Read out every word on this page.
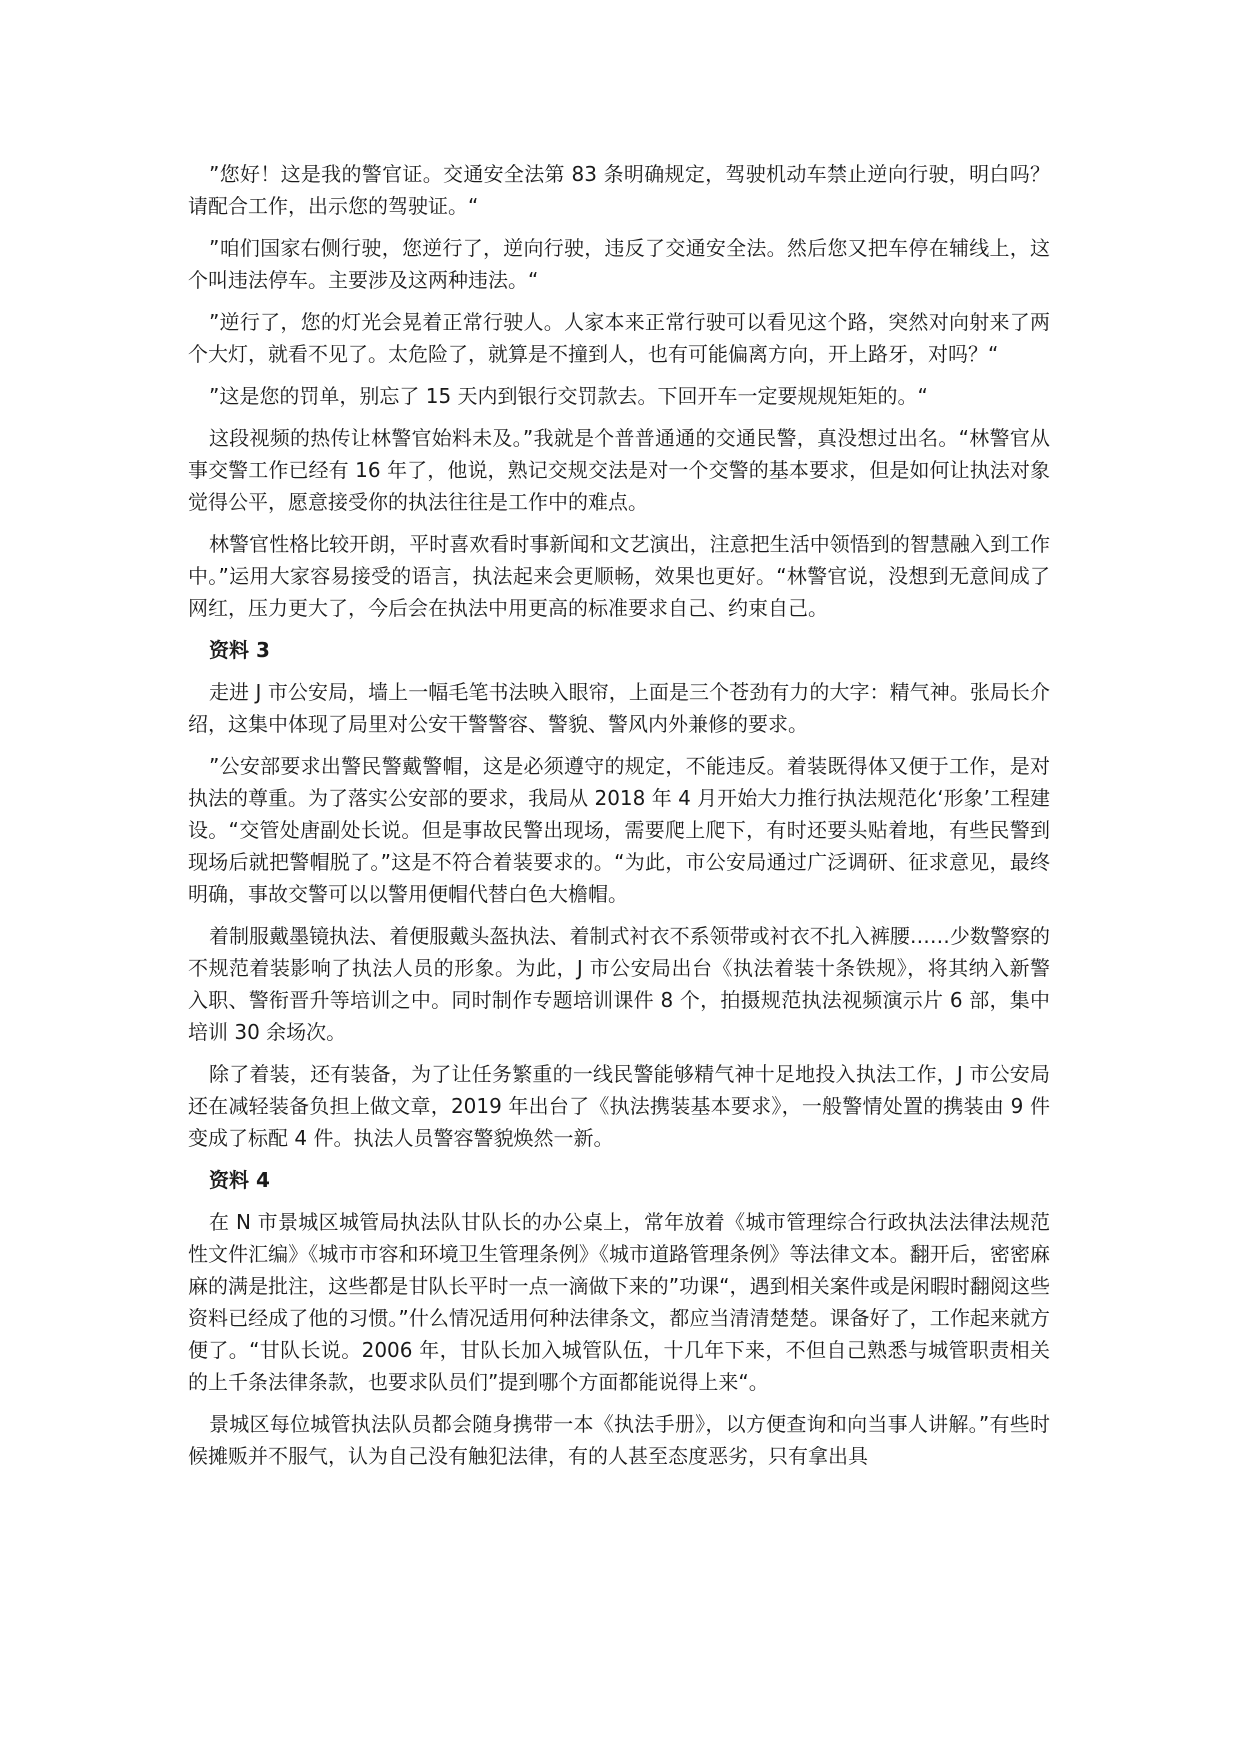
”您好！这是我的警官证。交通安全法第 83 条明确规定，驾驶机动车禁止逆向行驶，明白吗？请配合工作，出示您的驾驶证。“

”咱们国家右侧行驶，您逆行了，逆向行驶，违反了交通安全法。然后您又把车停在辅线上，这个叫违法停车。主要涉及这两种违法。“

”逆行了，您的灯光会晃着正常行驶人。人家本来正常行驶可以看见这个路，突然对向射来了两个大灯，就看不见了。太危险了，就算是不撞到人，也有可能偏离方向，开上路牙，对吗？“

”这是您的罚单，别忘了 15 天内到银行交罚款去。下回开车一定要规规矩矩的。“

这段视频的热传让林警官始料未及。”我就是个普普通通的交通民警，真没想过出名。“林警官从事交警工作已经有 16 年了，他说，熟记交规交法是对一个交警的基本要求，但是如何让执法对象觉得公平，愿意接受你的执法往往是工作中的难点。

林警官性格比较开朗，平时喜欢看时事新闻和文艺演出，注意把生活中领悟到的智慧融入到工作中。”运用大家容易接受的语言，执法起来会更顺畅，效果也更好。“林警官说，没想到无意间成了网红，压力更大了，今后会在执法中用更高的标准要求自己、约束自己。

资料 3

走进 J 市公安局，墙上一幅毛笔书法映入眼帘，上面是三个苍劲有力的大字：精气神。张局长介绍，这集中体现了局里对公安干警警容、警貌、警风内外兼修的要求。

”公安部要求出警民警戴警帽，这是必须遵守的规定，不能违反。着装既得体又便于工作，是对执法的尊重。为了落实公安部的要求，我局从 2018 年 4 月开始大力推行执法规范化‘形象’工程建设。“交管处唐副处长说。但是事故民警出现场，需要爬上爬下，有时还要头贴着地，有些民警到现场后就把警帽脱了。”这是不符合着装要求的。“为此，市公安局通过广泛调研、征求意见，最终明确，事故交警可以以警用便帽代替白色大檐帽。

着制服戴墨镜执法、着便服戴头盔执法、着制式衬衣不系领带或衬衣不扎入裤腰……少数警察的不规范着装影响了执法人员的形象。为此，J 市公安局出台《执法着装十条铁规》，将其纳入新警入职、警衔晋升等培训之中。同时制作专题培训课件 8 个，拍摄规范执法视频演示片 6 部，集中培训 30 余场次。

除了着装，还有装备，为了让任务繁重的一线民警能够精气神十足地投入执法工作，J 市公安局还在减轻装备负担上做文章，2019 年出台了《执法携装基本要求》，一般警情处置的携装由 9 件变成了标配 4 件。执法人员警容警貌焕然一新。

资料 4

在 N 市景城区城管局执法队甘队长的办公桌上，常年放着《城市管理综合行政执法法律法规范性文件汇编》《城市市容和环境卫生管理条例》《城市道路管理条例》等法律文本。翻开后，密密麻麻的满是批注，这些都是甘队长平时一点一滴做下来的”功课“，遇到相关案件或是闲暇时翻阅这些资料已经成了他的习惯。”什么情况适用何种法律条文，都应当清清楚楚。课备好了，工作起来就方便了。“甘队长说。2006 年，甘队长加入城管队伍，十几年下来，不但自己熟悉与城管职责相关的上千条法律条款，也要求队员们”提到哪个方面都能说得上来“。

景城区每位城管执法队员都会随身携带一本《执法手册》，以方便查询和向当事人讲解。”有些时候摊贩并不服气，认为自己没有触犯法律，有的人甚至态度恶劣，只有拿出具
